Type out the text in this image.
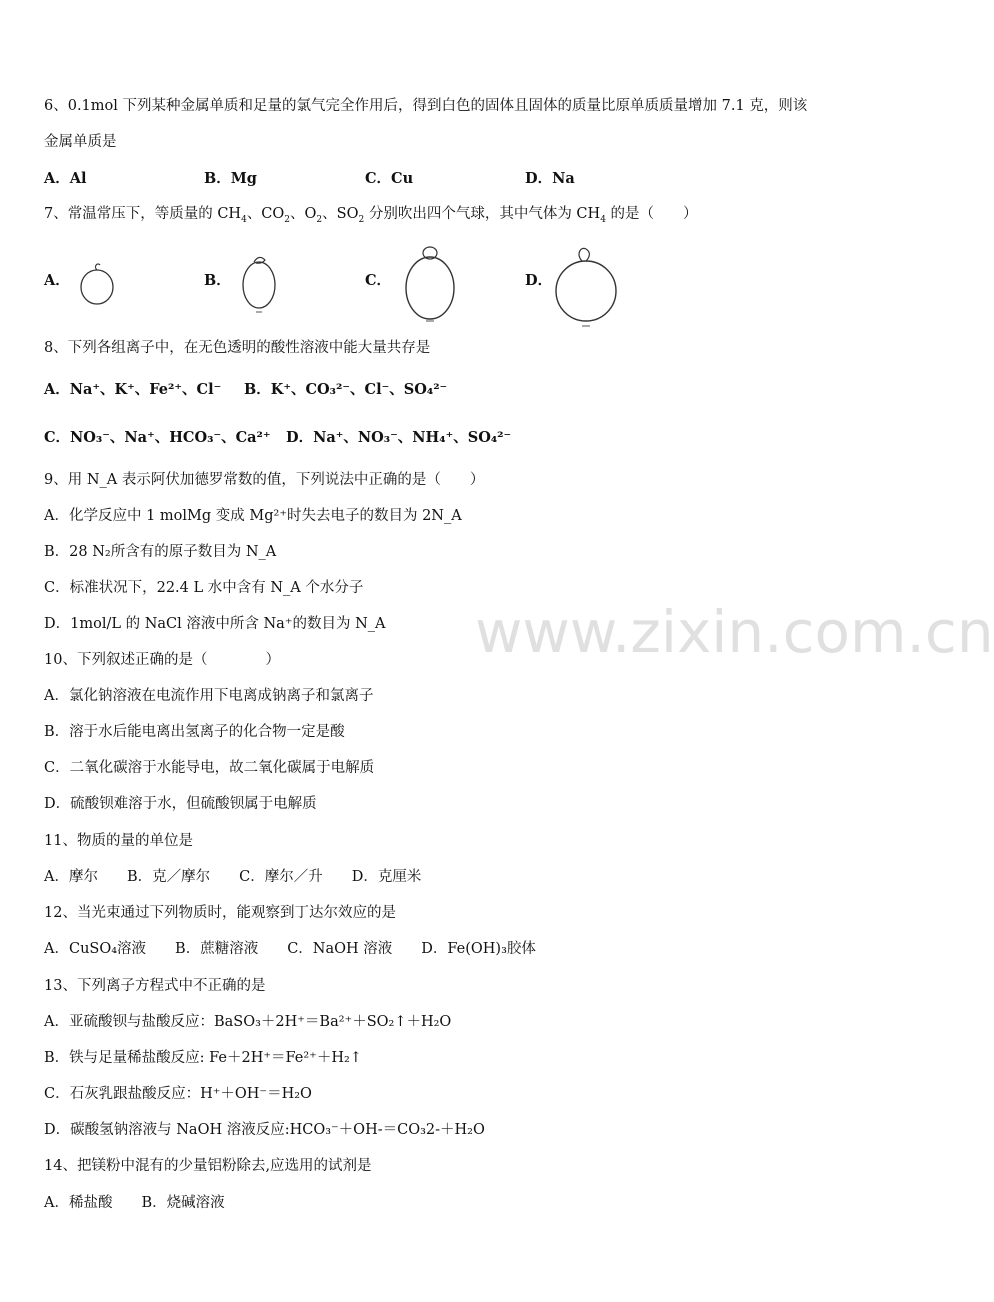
www.zixin.com.cn
6、0.1mol 下列某种金属单质和足量的氯气完全作用后，得到白色的固体且固体的质量比原单质质量增加 7.1 克，则该
金属单质是
A．Al	B．Mg	C．Cu	D．Na
7、常温常压下，等质量的 $CH_4$、$CO_2$、$O_2$、$SO_2$ 分别吹出四个气球，其中气体为 $CH_4$ 的是（　　）
A．	B．	C．	D．
8、下列各组离子中，在无色透明的酸性溶液中能大量共存是
A．Na⁺、K⁺、Fe²⁺、Cl⁻ B．K⁺、CO₃²⁻、Cl⁻、SO₄²⁻
C．NO₃⁻、Na⁺、HCO₃⁻、Ca²⁺ D．Na⁺、NO₃⁻、NH₄⁺、SO₄²⁻
9、用 N_A 表示阿伏加德罗常数的值，下列说法中正确的是（　　）
A．化学反应中 1 molMg 变成 Mg²⁺时失去电子的数目为 2N_A
B．28 N₂所含有的原子数目为 N_A
C．标准状况下，22.4 L 水中含有 N_A 个水分子
D．1mol/L 的 NaCl 溶液中所含 Na⁺的数目为 N_A
10、下列叙述正确的是（　　　　）
A．氯化钠溶液在电流作用下电离成钠离子和氯离子
B．溶于水后能电离出氢离子的化合物一定是酸
C．二氧化碳溶于水能导电，故二氧化碳属于电解质
D．硫酸钡难溶于水，但硫酸钡属于电解质
11、物质的量的单位是
A．摩尔　　B．克／摩尔　　C．摩尔／升　　D．克厘米
12、当光束通过下列物质时，能观察到丁达尔效应的是
A．CuSO₄溶液　　B．蔗糖溶液　　C．NaOH 溶液　　D．Fe(OH)₃胶体
13、下列离子方程式中不正确的是
A．亚硫酸钡与盐酸反应：BaSO₃＋2H⁺＝Ba²⁺＋SO₂↑＋H₂O
B．铁与足量稀盐酸反应: Fe＋2H⁺＝Fe²⁺＋H₂↑
C．石灰乳跟盐酸反应：H⁺＋OH⁻＝H₂O
D．碳酸氢钠溶液与 NaOH 溶液反应:HCO₃⁻＋OH-＝CO₃2-＋H₂O
14、把镁粉中混有的少量铝粉除去,应选用的试剂是
A．稀盐酸　　B．烧碱溶液
